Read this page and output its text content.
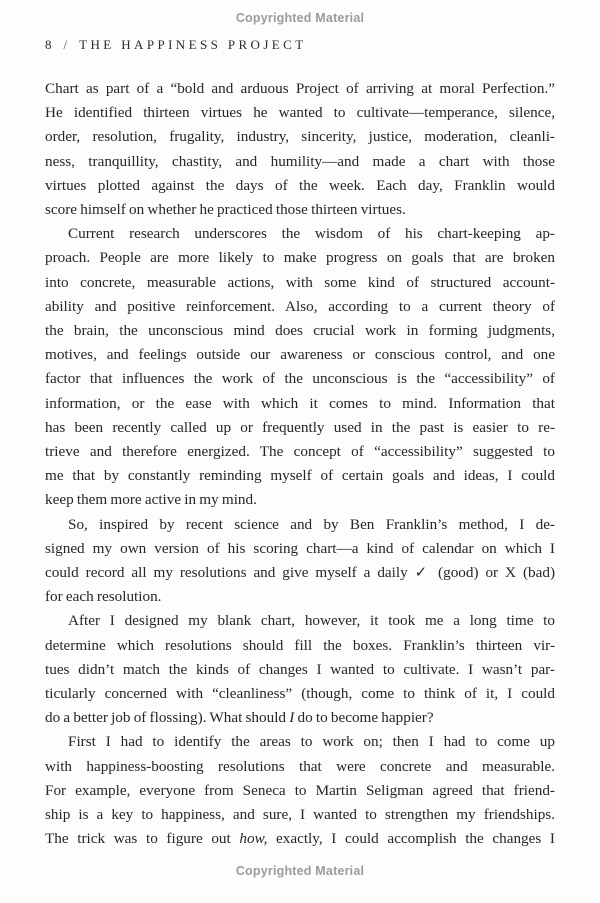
Copyrighted Material
8 / THE HAPPINESS PROJECT
Chart as part of a “bold and arduous Project of arriving at moral Perfection.”
He identified thirteen virtues he wanted to cultivate—temperance, silence,
order, resolution, frugality, industry, sincerity, justice, moderation, cleanli-
ness, tranquillity, chastity, and humility—and made a chart with those
virtues plotted against the days of the week. Each day, Franklin would
score himself on whether he practiced those thirteen virtues.
Current research underscores the wisdom of his chart-keeping ap-
proach. People are more likely to make progress on goals that are broken
into concrete, measurable actions, with some kind of structured account-
ability and positive reinforcement. Also, according to a current theory of
the brain, the unconscious mind does crucial work in forming judgments,
motives, and feelings outside our awareness or conscious control, and one
factor that influences the work of the unconscious is the “accessibility” of
information, or the ease with which it comes to mind. Information that
has been recently called up or frequently used in the past is easier to re-
trieve and therefore energized. The concept of “accessibility” suggested to
me that by constantly reminding myself of certain goals and ideas, I could
keep them more active in my mind.
So, inspired by recent science and by Ben Franklin’s method, I de-
signed my own version of his scoring chart—a kind of calendar on which I
could record all my resolutions and give myself a daily ✓ (good) or X (bad)
for each resolution.
After I designed my blank chart, however, it took me a long time to
determine which resolutions should fill the boxes. Franklin’s thirteen vir-
tues didn’t match the kinds of changes I wanted to cultivate. I wasn’t par-
ticularly concerned with “cleanliness” (though, come to think of it, I could
do a better job of flossing). What should I do to become happier?
First I had to identify the areas to work on; then I had to come up
with happiness-boosting resolutions that were concrete and measurable.
For example, everyone from Seneca to Martin Seligman agreed that friend-
ship is a key to happiness, and sure, I wanted to strengthen my friendships.
The trick was to figure out how, exactly, I could accomplish the changes I
Copyrighted Material
